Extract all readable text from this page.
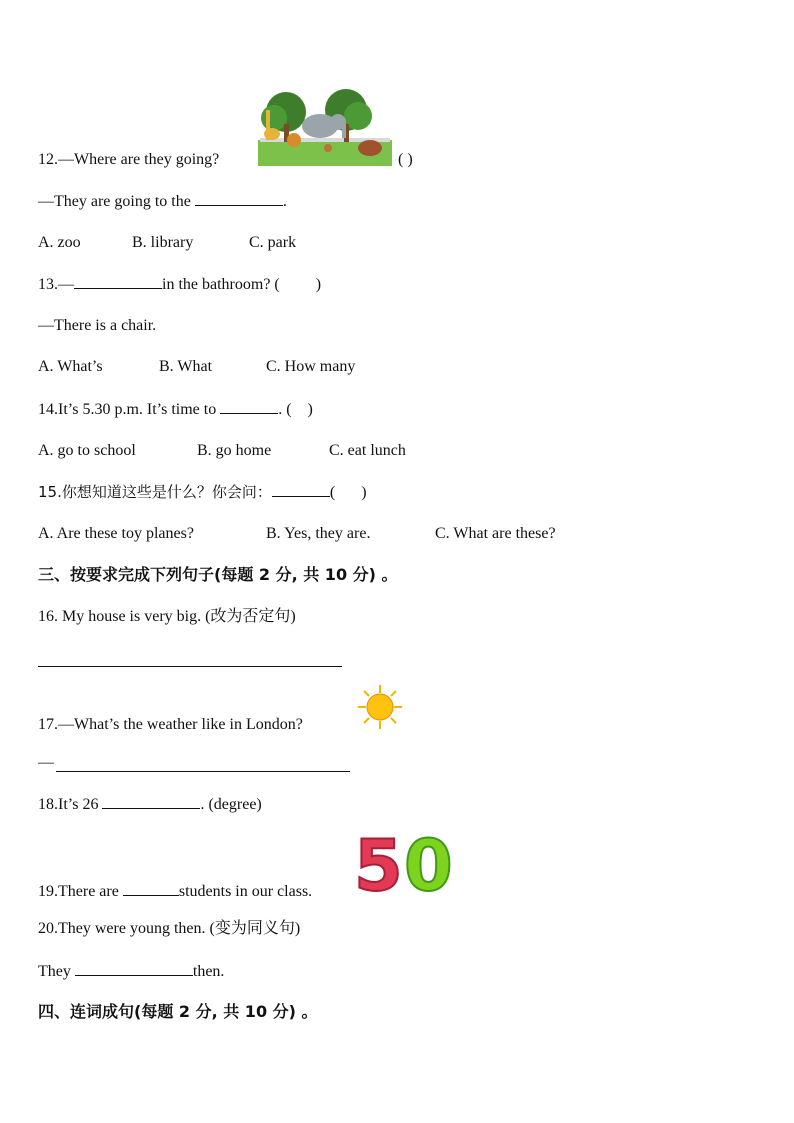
12.—Where are they going?	( )
—They are going to the	.
A. zoo	B. library	C. park
13.—	in the bathroom? ( )
—There is a chair.
A. What’s	B. What	C. How many
14.It’s 5.30 p.m. It’s time to	. ( )
A. go to school	B. go home	C. eat lunch
15.你想知道这些是什么？你会问：	( )
A. Are these toy planes?	B. Yes, they are.	C. What are these?
三、按要求完成下列句子(每题 2 分, 共 10 分) 。
16. My house is very big. (改为否定句)
17.—What’s the weather like in London?
—
18.It’s 26	. (degree)
5 0
19.There are	students in our class.
20.They were young then. (变为同义句)
They	then.
四、连词成句(每题 2 分, 共 10 分) 。
